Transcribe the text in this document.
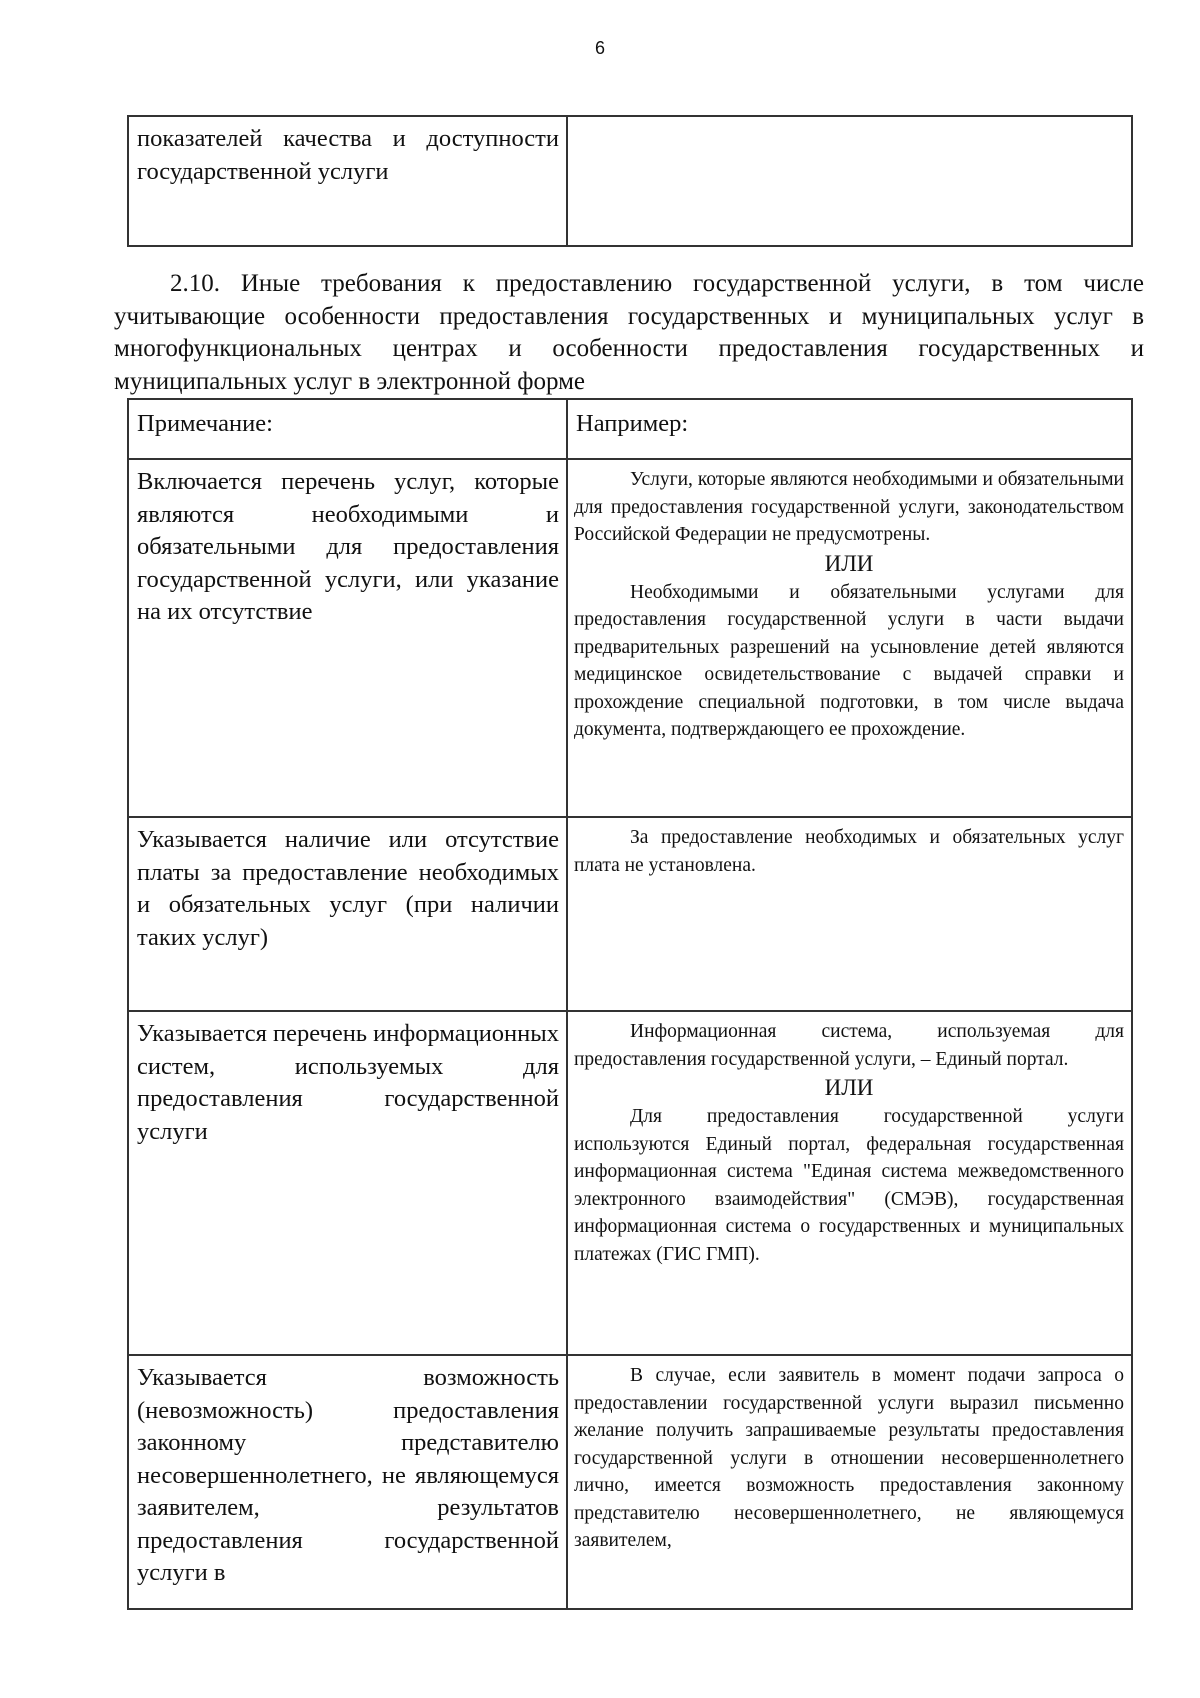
6
показателей качества и доступности государственной услуги	

2.10. Иные требования к предоставлению государственной услуги, в том числе учитывающие особенности предоставления государственных и муниципальных услуг в многофункциональных центрах и особенности предоставления государственных и муниципальных услуг в электронной форме

Примечание:	Например:
Включается перечень услуг, которые являются необходимыми и обязательными для предоставления государственной услуги, или указание на их отсутствие	Услуги, которые являются необходимыми и обязательными для предоставления государственной услуги, законодательством Российской Федерации не предусмотрены.

ИЛИ

Необходимыми и обязательными услугами для предоставления государственной услуги в части выдачи предварительных разрешений на усыновление детей являются медицинское освидетельствование с выдачей справки и прохождение специальной подготовки, в том числе выдача документа, подтверждающего ее прохождение.

Указывается наличие или отсутствие платы за предоставление необходимых и обязательных услуг (при наличии таких услуг)	За предоставление необходимых и обязательных услуг плата не установлена.

Указывается перечень информационных систем, используемых для предоставления государственной услуги	Информационная система, используемая для предоставления государственной услуги, – Единый портал.

ИЛИ

Для предоставления государственной услуги используются Единый портал, федеральная государственная информационная система "Единая система межведомственного электронного взаимодействия" (СМЭВ), государственная информационная система о государственных и муниципальных платежах (ГИС ГМП).

Указывается возможность (невозможность) предоставления законному представителю несовершеннолетнего, не являющемуся заявителем, результатов предоставления государственной услуги в	В случае, если заявитель в момент подачи запроса о предоставлении государственной услуги выразил письменно желание получить запрашиваемые результаты предоставления государственной услуги в отношении несовершеннолетнего лично, имеется возможность предоставления законному представителю несовершеннолетнего, не являющемуся заявителем,
